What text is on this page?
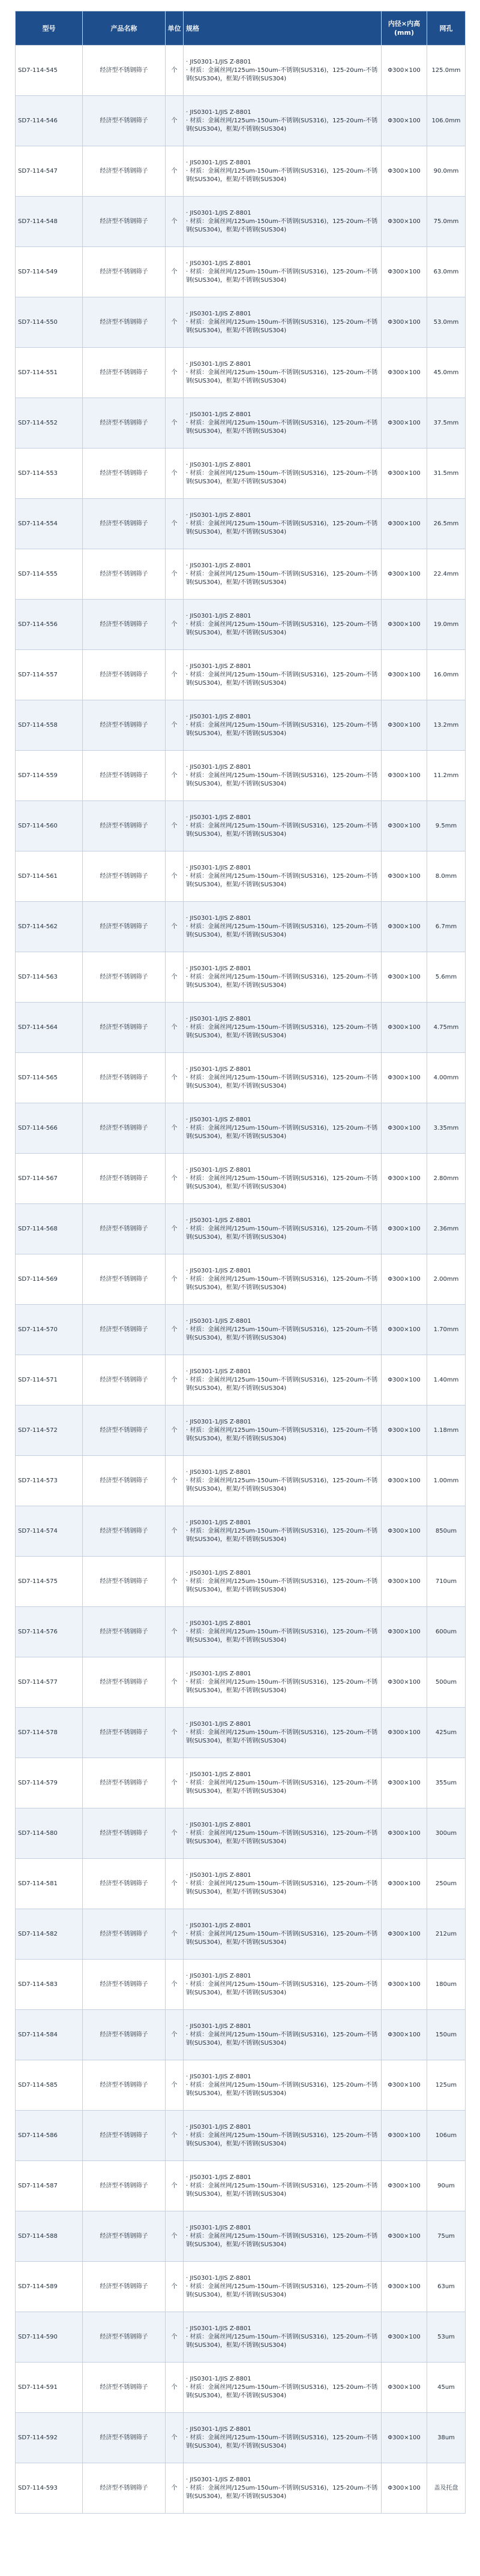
型号	产品名称	单位	规格	内径×内高(mm)	网孔
SD7-114-545	经济型不锈钢筛子	个	· JIS0301-1/JIS Z-8801
· 材质：金属丝网/125um-150um-不锈钢(SUS316)，125-20um-不锈钢(SUS304)，框架/不锈钢(SUS304)	Φ300×100	125.0mm
SD7-114-546	经济型不锈钢筛子	个	· JIS0301-1/JIS Z-8801
· 材质：金属丝网/125um-150um-不锈钢(SUS316)，125-20um-不锈钢(SUS304)，框架/不锈钢(SUS304)	Φ300×100	106.0mm
SD7-114-547	经济型不锈钢筛子	个	· JIS0301-1/JIS Z-8801
· 材质：金属丝网/125um-150um-不锈钢(SUS316)，125-20um-不锈钢(SUS304)，框架/不锈钢(SUS304)	Φ300×100	90.0mm
SD7-114-548	经济型不锈钢筛子	个	· JIS0301-1/JIS Z-8801
· 材质：金属丝网/125um-150um-不锈钢(SUS316)，125-20um-不锈钢(SUS304)，框架/不锈钢(SUS304)	Φ300×100	75.0mm
SD7-114-549	经济型不锈钢筛子	个	· JIS0301-1/JIS Z-8801
· 材质：金属丝网/125um-150um-不锈钢(SUS316)，125-20um-不锈钢(SUS304)，框架/不锈钢(SUS304)	Φ300×100	63.0mm
SD7-114-550	经济型不锈钢筛子	个	· JIS0301-1/JIS Z-8801
· 材质：金属丝网/125um-150um-不锈钢(SUS316)，125-20um-不锈钢(SUS304)，框架/不锈钢(SUS304)	Φ300×100	53.0mm
SD7-114-551	经济型不锈钢筛子	个	· JIS0301-1/JIS Z-8801
· 材质：金属丝网/125um-150um-不锈钢(SUS316)，125-20um-不锈钢(SUS304)，框架/不锈钢(SUS304)	Φ300×100	45.0mm
SD7-114-552	经济型不锈钢筛子	个	· JIS0301-1/JIS Z-8801
· 材质：金属丝网/125um-150um-不锈钢(SUS316)，125-20um-不锈钢(SUS304)，框架/不锈钢(SUS304)	Φ300×100	37.5mm
SD7-114-553	经济型不锈钢筛子	个	· JIS0301-1/JIS Z-8801
· 材质：金属丝网/125um-150um-不锈钢(SUS316)，125-20um-不锈钢(SUS304)，框架/不锈钢(SUS304)	Φ300×100	31.5mm
SD7-114-554	经济型不锈钢筛子	个	· JIS0301-1/JIS Z-8801
· 材质：金属丝网/125um-150um-不锈钢(SUS316)，125-20um-不锈钢(SUS304)，框架/不锈钢(SUS304)	Φ300×100	26.5mm
SD7-114-555	经济型不锈钢筛子	个	· JIS0301-1/JIS Z-8801
· 材质：金属丝网/125um-150um-不锈钢(SUS316)，125-20um-不锈钢(SUS304)，框架/不锈钢(SUS304)	Φ300×100	22.4mm
SD7-114-556	经济型不锈钢筛子	个	· JIS0301-1/JIS Z-8801
· 材质：金属丝网/125um-150um-不锈钢(SUS316)，125-20um-不锈钢(SUS304)，框架/不锈钢(SUS304)	Φ300×100	19.0mm
SD7-114-557	经济型不锈钢筛子	个	· JIS0301-1/JIS Z-8801
· 材质：金属丝网/125um-150um-不锈钢(SUS316)，125-20um-不锈钢(SUS304)，框架/不锈钢(SUS304)	Φ300×100	16.0mm
SD7-114-558	经济型不锈钢筛子	个	· JIS0301-1/JIS Z-8801
· 材质：金属丝网/125um-150um-不锈钢(SUS316)，125-20um-不锈钢(SUS304)，框架/不锈钢(SUS304)	Φ300×100	13.2mm
SD7-114-559	经济型不锈钢筛子	个	· JIS0301-1/JIS Z-8801
· 材质：金属丝网/125um-150um-不锈钢(SUS316)，125-20um-不锈钢(SUS304)，框架/不锈钢(SUS304)	Φ300×100	11.2mm
SD7-114-560	经济型不锈钢筛子	个	· JIS0301-1/JIS Z-8801
· 材质：金属丝网/125um-150um-不锈钢(SUS316)，125-20um-不锈钢(SUS304)，框架/不锈钢(SUS304)	Φ300×100	9.5mm
SD7-114-561	经济型不锈钢筛子	个	· JIS0301-1/JIS Z-8801
· 材质：金属丝网/125um-150um-不锈钢(SUS316)，125-20um-不锈钢(SUS304)，框架/不锈钢(SUS304)	Φ300×100	8.0mm
SD7-114-562	经济型不锈钢筛子	个	· JIS0301-1/JIS Z-8801
· 材质：金属丝网/125um-150um-不锈钢(SUS316)，125-20um-不锈钢(SUS304)，框架/不锈钢(SUS304)	Φ300×100	6.7mm
SD7-114-563	经济型不锈钢筛子	个	· JIS0301-1/JIS Z-8801
· 材质：金属丝网/125um-150um-不锈钢(SUS316)，125-20um-不锈钢(SUS304)，框架/不锈钢(SUS304)	Φ300×100	5.6mm
SD7-114-564	经济型不锈钢筛子	个	· JIS0301-1/JIS Z-8801
· 材质：金属丝网/125um-150um-不锈钢(SUS316)，125-20um-不锈钢(SUS304)，框架/不锈钢(SUS304)	Φ300×100	4.75mm
SD7-114-565	经济型不锈钢筛子	个	· JIS0301-1/JIS Z-8801
· 材质：金属丝网/125um-150um-不锈钢(SUS316)，125-20um-不锈钢(SUS304)，框架/不锈钢(SUS304)	Φ300×100	4.00mm
SD7-114-566	经济型不锈钢筛子	个	· JIS0301-1/JIS Z-8801
· 材质：金属丝网/125um-150um-不锈钢(SUS316)，125-20um-不锈钢(SUS304)，框架/不锈钢(SUS304)	Φ300×100	3.35mm
SD7-114-567	经济型不锈钢筛子	个	· JIS0301-1/JIS Z-8801
· 材质：金属丝网/125um-150um-不锈钢(SUS316)，125-20um-不锈钢(SUS304)，框架/不锈钢(SUS304)	Φ300×100	2.80mm
SD7-114-568	经济型不锈钢筛子	个	· JIS0301-1/JIS Z-8801
· 材质：金属丝网/125um-150um-不锈钢(SUS316)，125-20um-不锈钢(SUS304)，框架/不锈钢(SUS304)	Φ300×100	2.36mm
SD7-114-569	经济型不锈钢筛子	个	· JIS0301-1/JIS Z-8801
· 材质：金属丝网/125um-150um-不锈钢(SUS316)，125-20um-不锈钢(SUS304)，框架/不锈钢(SUS304)	Φ300×100	2.00mm
SD7-114-570	经济型不锈钢筛子	个	· JIS0301-1/JIS Z-8801
· 材质：金属丝网/125um-150um-不锈钢(SUS316)，125-20um-不锈钢(SUS304)，框架/不锈钢(SUS304)	Φ300×100	1.70mm
SD7-114-571	经济型不锈钢筛子	个	· JIS0301-1/JIS Z-8801
· 材质：金属丝网/125um-150um-不锈钢(SUS316)，125-20um-不锈钢(SUS304)，框架/不锈钢(SUS304)	Φ300×100	1.40mm
SD7-114-572	经济型不锈钢筛子	个	· JIS0301-1/JIS Z-8801
· 材质：金属丝网/125um-150um-不锈钢(SUS316)，125-20um-不锈钢(SUS304)，框架/不锈钢(SUS304)	Φ300×100	1.18mm
SD7-114-573	经济型不锈钢筛子	个	· JIS0301-1/JIS Z-8801
· 材质：金属丝网/125um-150um-不锈钢(SUS316)，125-20um-不锈钢(SUS304)，框架/不锈钢(SUS304)	Φ300×100	1.00mm
SD7-114-574	经济型不锈钢筛子	个	· JIS0301-1/JIS Z-8801
· 材质：金属丝网/125um-150um-不锈钢(SUS316)，125-20um-不锈钢(SUS304)，框架/不锈钢(SUS304)	Φ300×100	850um
SD7-114-575	经济型不锈钢筛子	个	· JIS0301-1/JIS Z-8801
· 材质：金属丝网/125um-150um-不锈钢(SUS316)，125-20um-不锈钢(SUS304)，框架/不锈钢(SUS304)	Φ300×100	710um
SD7-114-576	经济型不锈钢筛子	个	· JIS0301-1/JIS Z-8801
· 材质：金属丝网/125um-150um-不锈钢(SUS316)，125-20um-不锈钢(SUS304)，框架/不锈钢(SUS304)	Φ300×100	600um
SD7-114-577	经济型不锈钢筛子	个	· JIS0301-1/JIS Z-8801
· 材质：金属丝网/125um-150um-不锈钢(SUS316)，125-20um-不锈钢(SUS304)，框架/不锈钢(SUS304)	Φ300×100	500um
SD7-114-578	经济型不锈钢筛子	个	· JIS0301-1/JIS Z-8801
· 材质：金属丝网/125um-150um-不锈钢(SUS316)，125-20um-不锈钢(SUS304)，框架/不锈钢(SUS304)	Φ300×100	425um
SD7-114-579	经济型不锈钢筛子	个	· JIS0301-1/JIS Z-8801
· 材质：金属丝网/125um-150um-不锈钢(SUS316)，125-20um-不锈钢(SUS304)，框架/不锈钢(SUS304)	Φ300×100	355um
SD7-114-580	经济型不锈钢筛子	个	· JIS0301-1/JIS Z-8801
· 材质：金属丝网/125um-150um-不锈钢(SUS316)，125-20um-不锈钢(SUS304)，框架/不锈钢(SUS304)	Φ300×100	300um
SD7-114-581	经济型不锈钢筛子	个	· JIS0301-1/JIS Z-8801
· 材质：金属丝网/125um-150um-不锈钢(SUS316)，125-20um-不锈钢(SUS304)，框架/不锈钢(SUS304)	Φ300×100	250um
SD7-114-582	经济型不锈钢筛子	个	· JIS0301-1/JIS Z-8801
· 材质：金属丝网/125um-150um-不锈钢(SUS316)，125-20um-不锈钢(SUS304)，框架/不锈钢(SUS304)	Φ300×100	212um
SD7-114-583	经济型不锈钢筛子	个	· JIS0301-1/JIS Z-8801
· 材质：金属丝网/125um-150um-不锈钢(SUS316)，125-20um-不锈钢(SUS304)，框架/不锈钢(SUS304)	Φ300×100	180um
SD7-114-584	经济型不锈钢筛子	个	· JIS0301-1/JIS Z-8801
· 材质：金属丝网/125um-150um-不锈钢(SUS316)，125-20um-不锈钢(SUS304)，框架/不锈钢(SUS304)	Φ300×100	150um
SD7-114-585	经济型不锈钢筛子	个	· JIS0301-1/JIS Z-8801
· 材质：金属丝网/125um-150um-不锈钢(SUS316)，125-20um-不锈钢(SUS304)，框架/不锈钢(SUS304)	Φ300×100	125um
SD7-114-586	经济型不锈钢筛子	个	· JIS0301-1/JIS Z-8801
· 材质：金属丝网/125um-150um-不锈钢(SUS316)，125-20um-不锈钢(SUS304)，框架/不锈钢(SUS304)	Φ300×100	106um
SD7-114-587	经济型不锈钢筛子	个	· JIS0301-1/JIS Z-8801
· 材质：金属丝网/125um-150um-不锈钢(SUS316)，125-20um-不锈钢(SUS304)，框架/不锈钢(SUS304)	Φ300×100	90um
SD7-114-588	经济型不锈钢筛子	个	· JIS0301-1/JIS Z-8801
· 材质：金属丝网/125um-150um-不锈钢(SUS316)，125-20um-不锈钢(SUS304)，框架/不锈钢(SUS304)	Φ300×100	75um
SD7-114-589	经济型不锈钢筛子	个	· JIS0301-1/JIS Z-8801
· 材质：金属丝网/125um-150um-不锈钢(SUS316)，125-20um-不锈钢(SUS304)，框架/不锈钢(SUS304)	Φ300×100	63um
SD7-114-590	经济型不锈钢筛子	个	· JIS0301-1/JIS Z-8801
· 材质：金属丝网/125um-150um-不锈钢(SUS316)，125-20um-不锈钢(SUS304)，框架/不锈钢(SUS304)	Φ300×100	53um
SD7-114-591	经济型不锈钢筛子	个	· JIS0301-1/JIS Z-8801
· 材质：金属丝网/125um-150um-不锈钢(SUS316)，125-20um-不锈钢(SUS304)，框架/不锈钢(SUS304)	Φ300×100	45um
SD7-114-592	经济型不锈钢筛子	个	· JIS0301-1/JIS Z-8801
· 材质：金属丝网/125um-150um-不锈钢(SUS316)，125-20um-不锈钢(SUS304)，框架/不锈钢(SUS304)	Φ300×100	38um
SD7-114-593	经济型不锈钢筛子	个	· JIS0301-1/JIS Z-8801
· 材质：金属丝网/125um-150um-不锈钢(SUS316)，125-20um-不锈钢(SUS304)，框架/不锈钢(SUS304)	Φ300×100	盖及托盘
